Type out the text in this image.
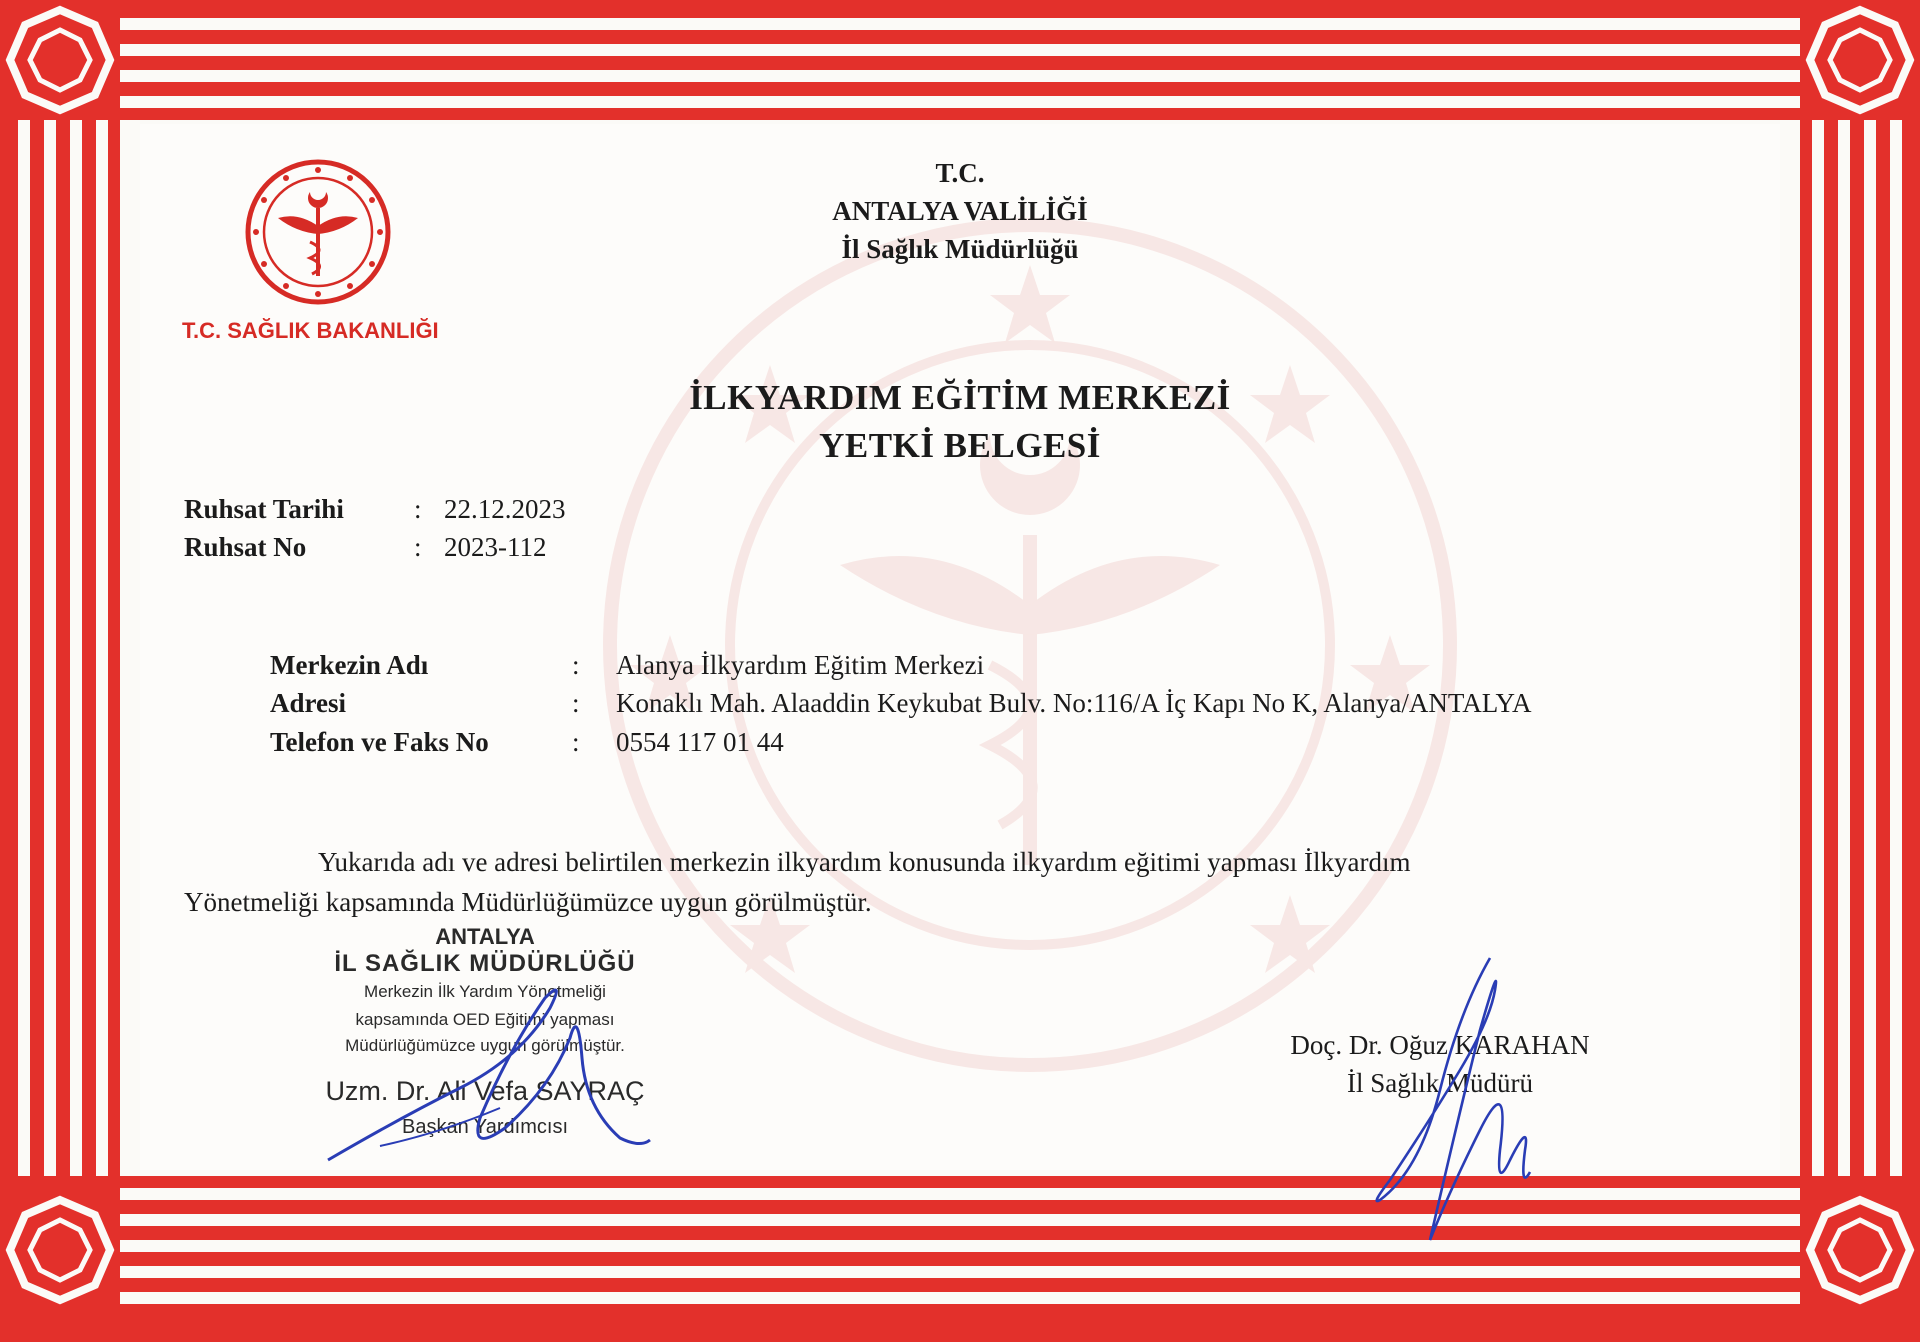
T.C. SAĞLIK BAKANLIĞI
T.C.
ANTALYA VALİLİĞİ
İl Sağlık Müdürlüğü
İLKYARDIM EĞİTİM MERKEZİ
YETKİ BELGESİ
Ruhsat Tarihi	: 22.12.2023
Ruhsat No	: 2023-112
Merkezin Adı	: Alanya İlkyardım Eğitim Merkezi
Adresi	: Konaklı Mah. Alaaddin Keykubat Bulv. No:116/A İç Kapı No K, Alanya/ANTALYA
Telefon ve Faks No	: 0554 117 01 44
Yukarıda adı ve adresi belirtilen merkezin ilkyardım konusunda ilkyardım eğitimi yapması İlkyardım
Yönetmeliği kapsamında Müdürlüğümüzce uygun görülmüştür.
ANTALYA
İL SAĞLIK MÜDÜRLÜĞÜ
Merkezin İlk Yardım Yönetmeliği
kapsamında OED Eğitimi yapması
Müdürlüğümüzce uygun görülmüştür.
Uzm. Dr. Ali Vefa SAYRAÇ
Başkan Yardımcısı
Doç. Dr. Oğuz KARAHAN
İl Sağlık Müdürü
